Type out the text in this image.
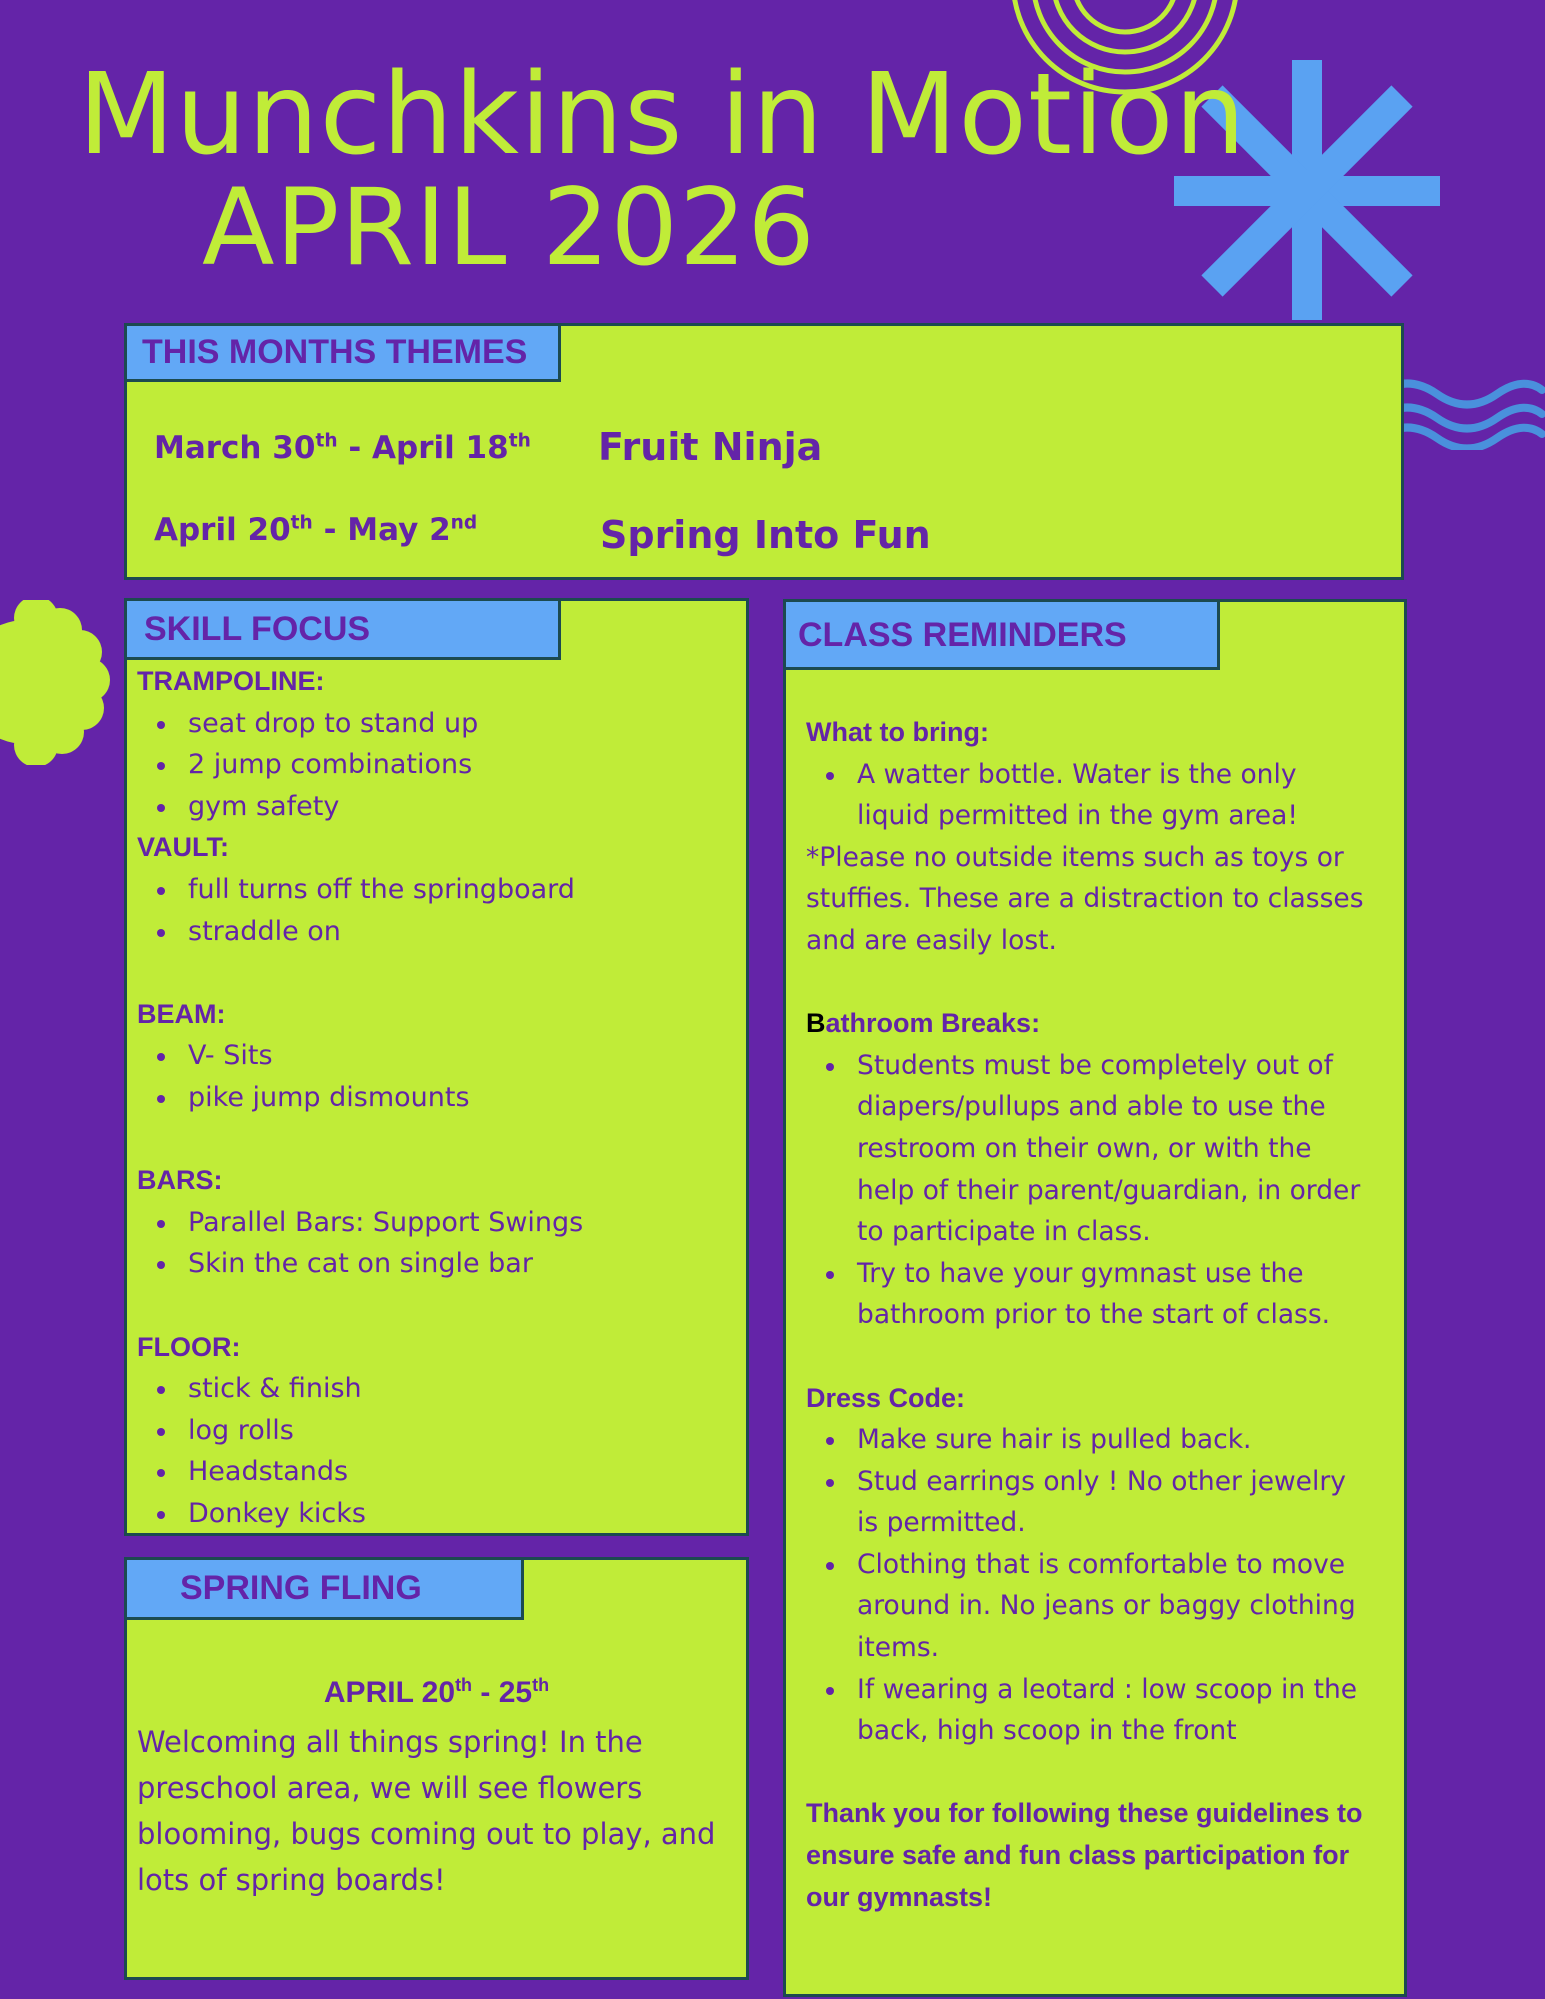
Munchkins in Motion
APRIL 2026
THIS MONTHS THEMES
March 30th - April 18th Fruit Ninja
April 20th - May 2nd	Spring Into Fun
SKILL FOCUS
TRAMPOLINE:
seat drop to stand up
2 jump combinations
gym safety
VAULT:
full turns off the springboard
straddle on
BEAM:
V- Sits
pike jump dismounts
BARS:
Parallel Bars: Support Swings
Skin the cat on single bar
FLOOR:
stick & finish
log rolls
Headstands
Donkey kicks
SPRING FLING
APRIL 20th - 25th
Welcoming all things spring! In the preschool area, we will see flowers blooming, bugs coming out to play, and lots of spring boards!
CLASS REMINDERS
What to bring:
A watter bottle. Water is the only liquid permitted in the gym area!
*Please no outside items such as toys or stuffies. These are a distraction to classes and are easily lost.
Bathroom Breaks:
Students must be completely out of diapers/pullups and able to use the restroom on their own, or with the help of their parent/guardian, in order to participate in class.
Try to have your gymnast use the bathroom prior to the start of class.
Dress Code:
Make sure hair is pulled back.
Stud earrings only ! No other jewelry is permitted.
Clothing that is comfortable to move around in. No jeans or baggy clothing items.
If wearing a leotard : low scoop in the back, high scoop in the front
Thank you for following these guidelines to ensure safe and fun class participation for our gymnasts!
